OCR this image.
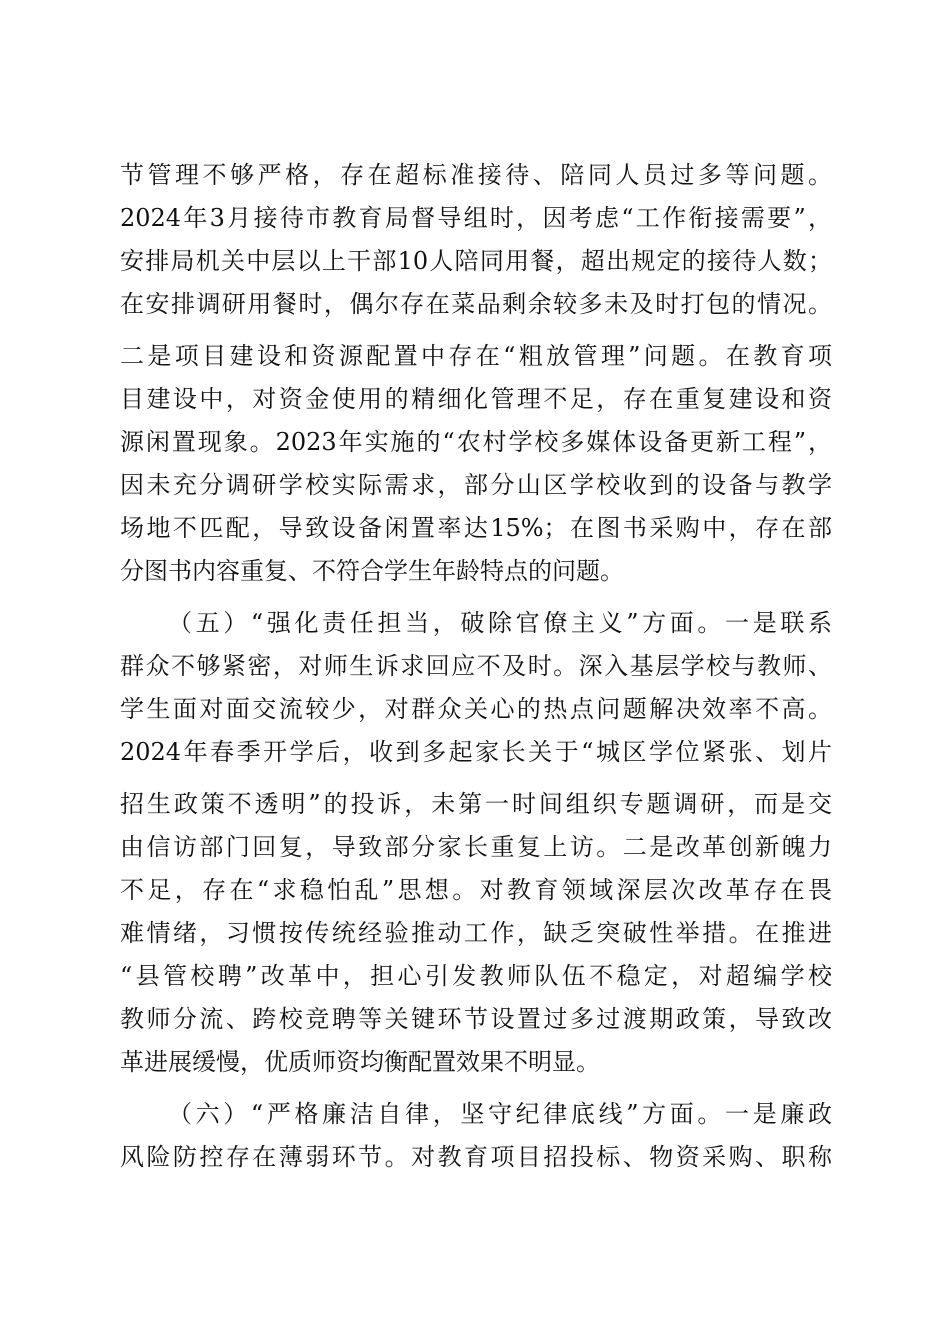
节管理不够严格，存在超标准接待、陪同人员过多等问题。
2024年3月接待市教育局督导组时，因考虑“工作衔接需要”，
安排局机关中层以上干部10人陪同用餐，超出规定的接待人数；
在安排调研用餐时，偶尔存在菜品剩余较多未及时打包的情况。
二是项目建设和资源配置中存在“粗放管理”问题。在教育项
目建设中，对资金使用的精细化管理不足，存在重复建设和资
源闲置现象。2023年实施的“农村学校多媒体设备更新工程”，
因未充分调研学校实际需求，部分山区学校收到的设备与教学
场地不匹配，导致设备闲置率达15%；在图书采购中，存在部
分图书内容重复、不符合学生年龄特点的问题。
（五）“强化责任担当，破除官僚主义”方面。一是联系
群众不够紧密，对师生诉求回应不及时。深入基层学校与教师、
学生面对面交流较少，对群众关心的热点问题解决效率不高。
2024年春季开学后，收到多起家长关于“城区学位紧张、划片
招生政策不透明”的投诉，未第一时间组织专题调研，而是交
由信访部门回复，导致部分家长重复上访。二是改革创新魄力
不足，存在“求稳怕乱”思想。对教育领域深层次改革存在畏
难情绪，习惯按传统经验推动工作，缺乏突破性举措。在推进
“县管校聘”改革中，担心引发教师队伍不稳定，对超编学校
教师分流、跨校竞聘等关键环节设置过多过渡期政策，导致改
革进展缓慢，优质师资均衡配置效果不明显。
（六）“严格廉洁自律，坚守纪律底线”方面。一是廉政
风险防控存在薄弱环节。对教育项目招投标、物资采购、职称
